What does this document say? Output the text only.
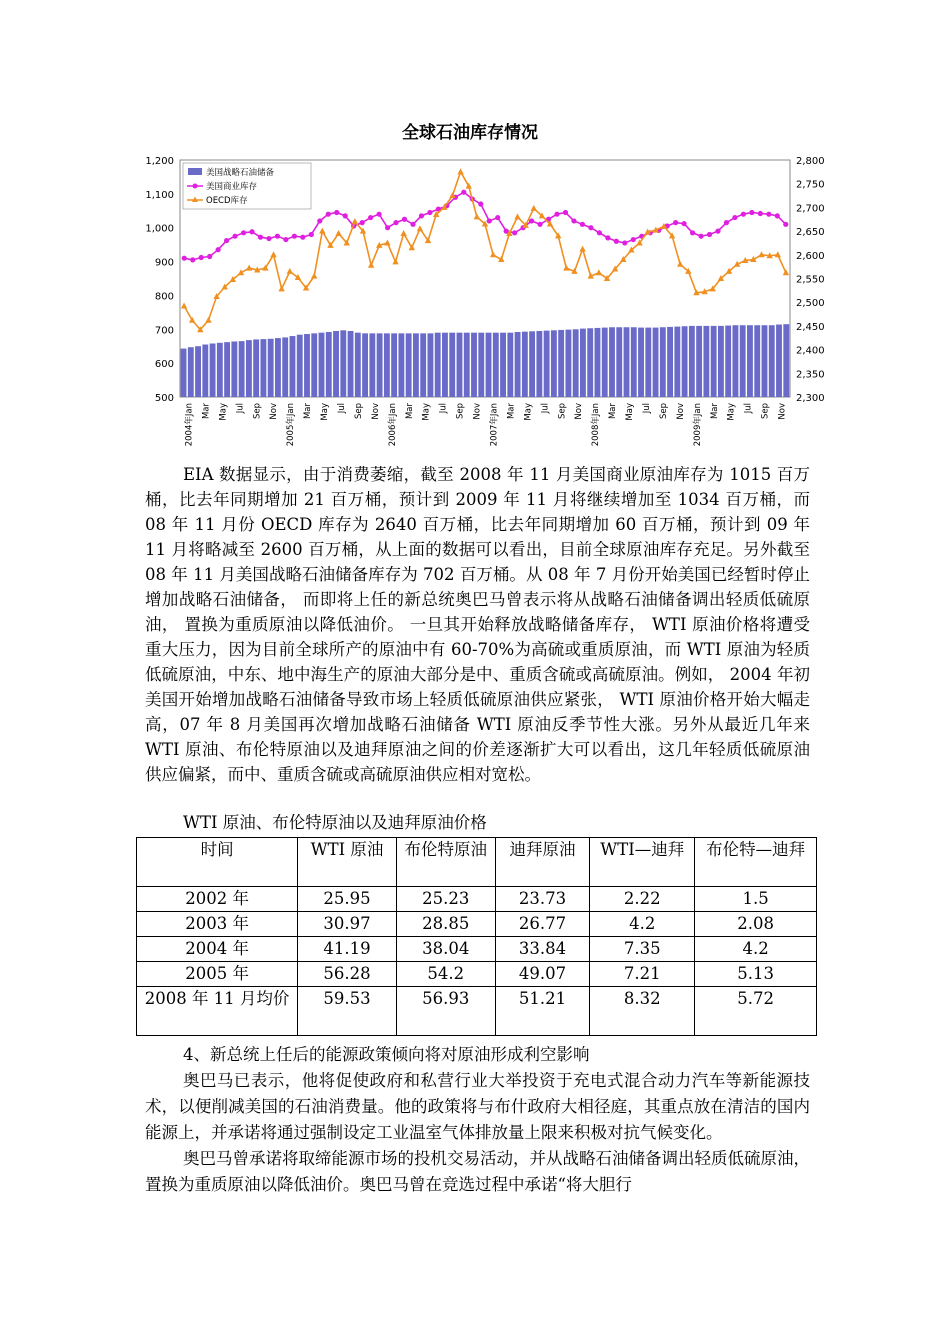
全球石油库存情况
1,200
1,100
1,000
900
800
700
600
500
2,800
2,750
2,700
2,650
2,600
2,550
2,500
2,450
2,400
2,350
2,300
美国战略石油储备
美国商业库存
OECD库存
2004年Jan Mar May Jul Sep Nov 2005年Jan Mar May Jul Sep Nov 2006年Jan Mar May Jul Sep Nov 2007年Jan Mar May Jul Sep Nov 2008年Jan Mar May Jul Sep Nov 2009年Jan Mar May Jul Sep Nov

EIA 数据显示，由于消费萎缩，截至 2008 年 11 月美国商业原油库存为 1015 百万桶，比去年同期增加 21 百万桶，预计到 2009 年 11 月将继续增加至 1034 百万桶，而 08 年 11 月份 OECD 库存为 2640 百万桶，比去年同期增加 60 百万桶，预计到 09 年 11 月将略减至 2600 百万桶，从上面的数据可以看出，目前全球原油库存充足。另外截至 08 年 11 月美国战略石油储备库存为 702 百万桶。从 08 年 7 月份开始美国已经暂时停止增加战略石油储备， 而即将上任的新总统奥巴马曾表示将从战略石油储备调出轻质低硫原油， 置换为重质原油以降低油价。 一旦其开始释放战略储备库存， WTI 原油价格将遭受重大压力，因为目前全球所产的原油中有 60-70%为高硫或重质原油，而 WTI 原油为轻质低硫原油，中东、地中海生产的原油大部分是中、重质含硫或高硫原油。例如， 2004 年初美国开始增加战略石油储备导致市场上轻质低硫原油供应紧张， WTI 原油价格开始大幅走高，07 年 8 月美国再次增加战略石油储备 WTI 原油反季节性大涨。另外从最近几年来 WTI 原油、布伦特原油以及迪拜原油之间的价差逐渐扩大可以看出，这几年轻质低硫原油供应偏紧，而中、重质含硫或高硫原油供应相对宽松。

WTI 原油、布伦特原油以及迪拜原油价格
时间	WTI 原油	布伦特原油	迪拜原油	WTI—迪拜	布伦特—迪拜
2002 年	25.95	25.23	23.73	2.22	1.5
2003 年	30.97	28.85	26.77	4.2	2.08
2004 年	41.19	38.04	33.84	7.35	4.2
2005 年	56.28	54.2	49.07	7.21	5.13
2008 年 11 月均价	59.53	56.93	51.21	8.32	5.72
4、新总统上任后的能源政策倾向将对原油形成利空影响

奥巴马已表示，他将促使政府和私营行业大举投资于充电式混合动力汽车等新能源技术，以便削减美国的石油消费量。他的政策将与布什政府大相径庭，其重点放在清洁的国内能源上，并承诺将通过强制设定工业温室气体排放量上限来积极对抗气候变化。

奥巴马曾承诺将取缔能源市场的投机交易活动，并从战略石油储备调出轻质低硫原油，置换为重质原油以降低油价。奥巴马曾在竞选过程中承诺“将大胆行
